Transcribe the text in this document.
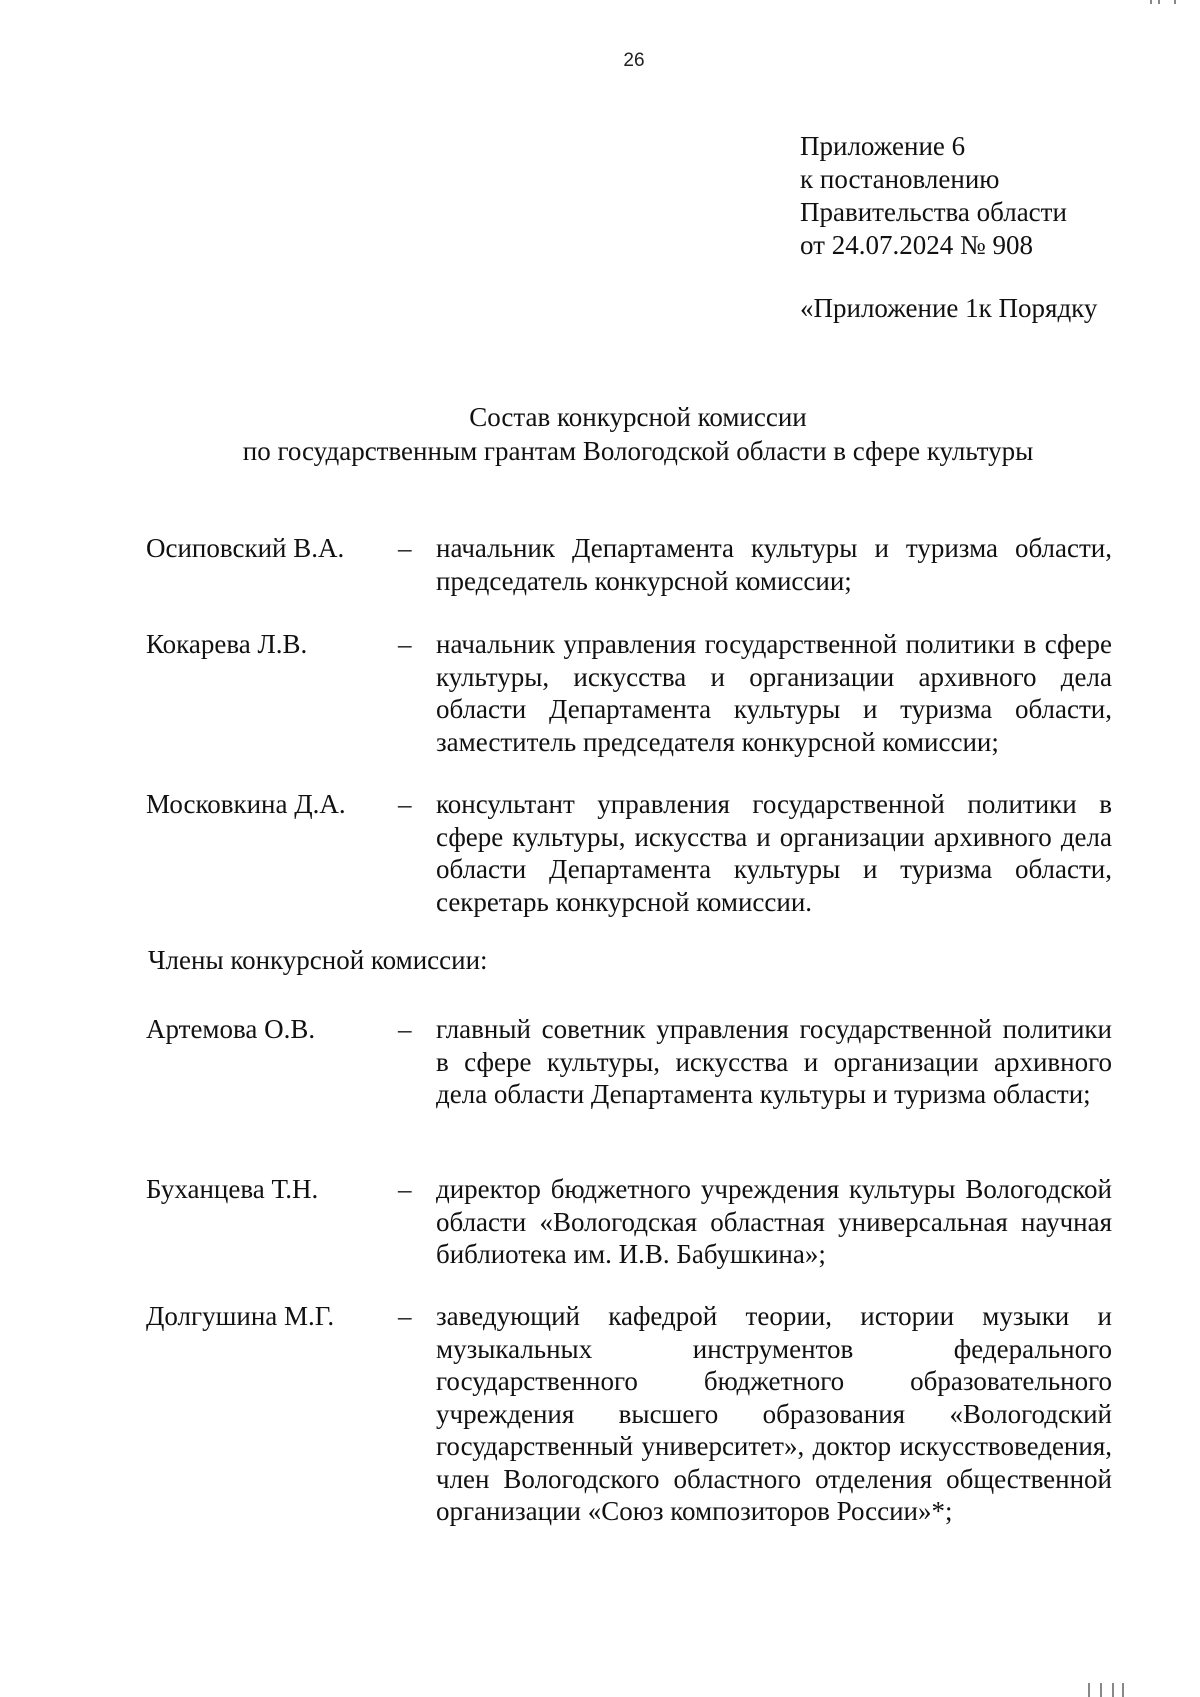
26
Приложение 6
к постановлению
Правительства области
от 24.07.2024 № 908
«Приложение 1к Порядку
Состав конкурсной комиссии
по государственным грантам Вологодской области в сфере культуры
Осиповский В.А. – начальник Департамента культуры и туризма области, председатель конкурсной комиссии;
Кокарева Л.В.	– начальник управления государственной политики в сфере культуры, искусства и организации архивного дела области Департамента культуры и туризма области, заместитель председателя конкурсной комиссии;
Московкина Д.А. – консультант управления государственной политики в сфере культуры, искусства и организации архивного дела области Департамента культуры и туризма области, секретарь конкурсной комиссии.
Члены конкурсной комиссии:
Артемова О.В.	– главный советник управления государственной политики в сфере культуры, искусства и организации архивного дела области Департамента культуры и туризма области;
Буханцева Т.Н.	– директор бюджетного учреждения культуры Вологодской области «Вологодская областная универсальная научная библиотека им. И.В. Бабушкина»;
Долгушина М.Г. – заведующий кафедрой теории, истории музыки и музыкальных инструментов федерального государственного бюджетного образовательного учреждения высшего образования «Вологодский государственный университет», доктор искусствоведения, член Вологодского областного отделения общественной организации «Союз композиторов России»*;
